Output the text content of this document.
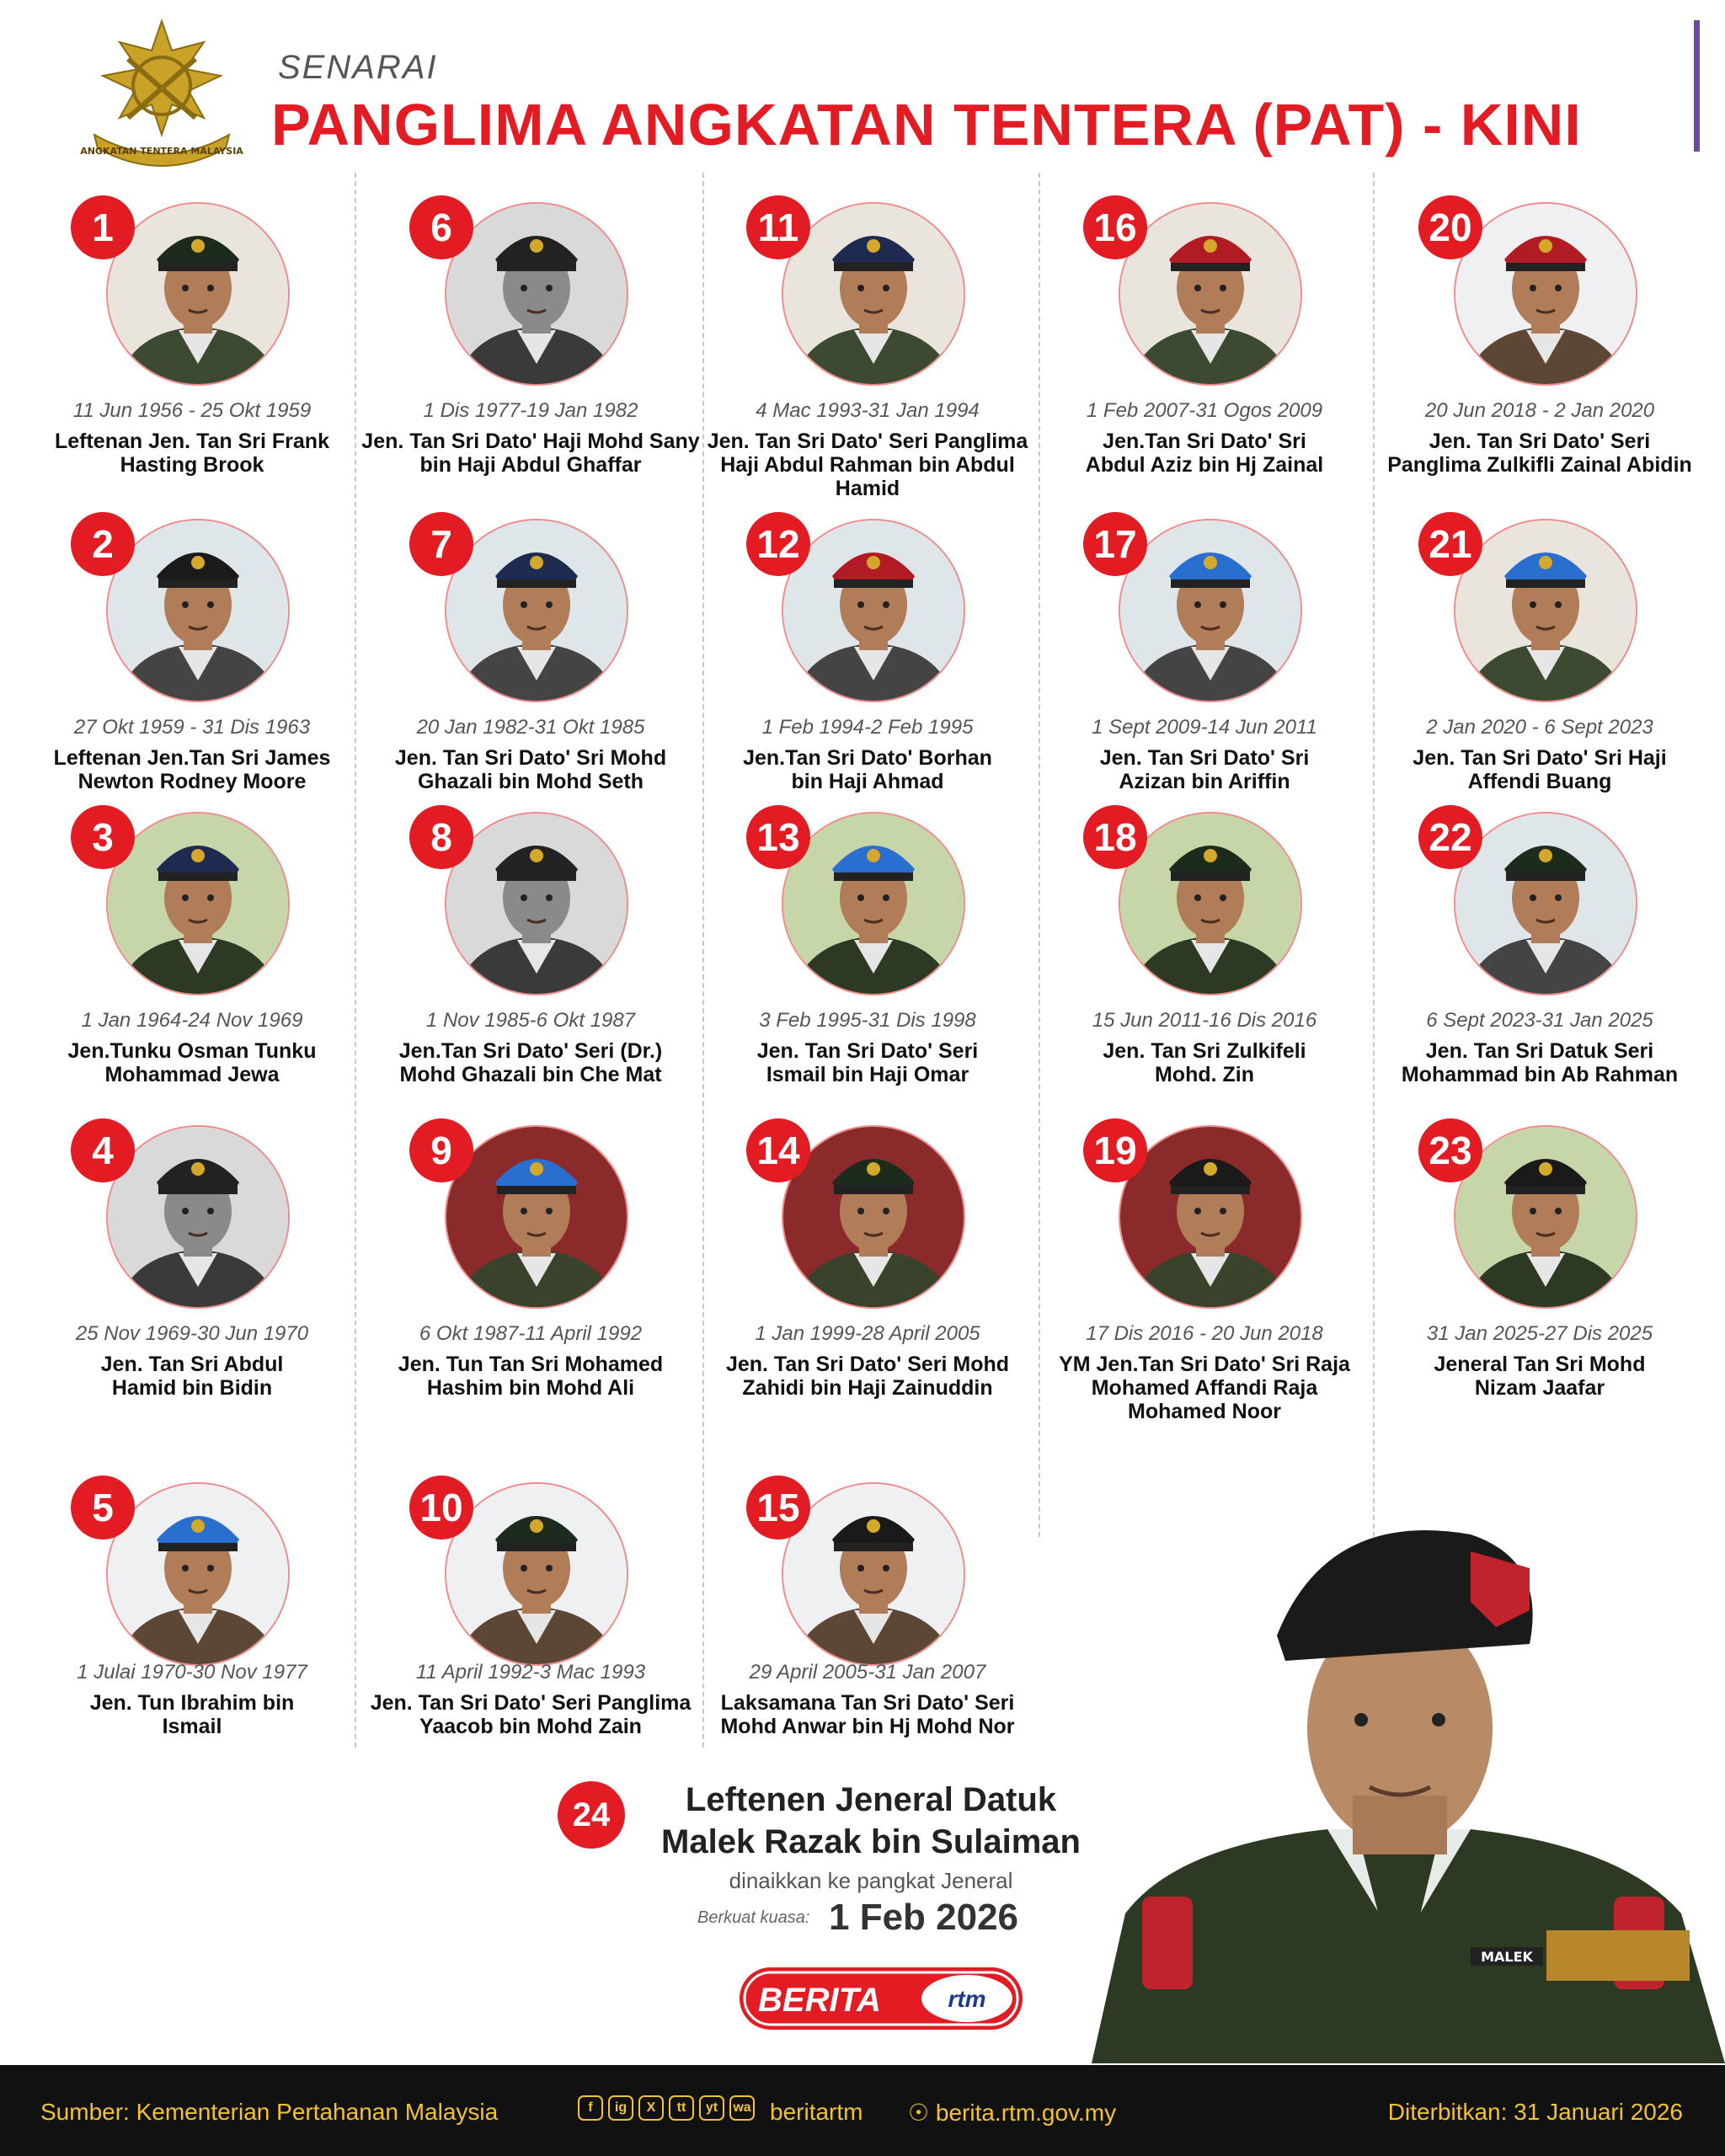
ANGKATAN TENTERA MALAYSIA
SENARAI
PANGLIMA ANGKATAN TENTERA (PAT) - KINI
1
11 Jun 1956 - 25 Okt 1959
Leftenan Jen. Tan Sri Frank
Hasting Brook
2
27 Okt 1959 - 31 Dis 1963
Leftenan Jen.Tan Sri James
Newton Rodney Moore
3
1 Jan 1964-24 Nov 1969
Jen.Tunku Osman Tunku
Mohammad Jewa
4
25 Nov 1969-30 Jun 1970
Jen. Tan Sri Abdul
Hamid bin Bidin
5
1 Julai 1970-30 Nov 1977
Jen. Tun Ibrahim bin
Ismail
6
1 Dis 1977-19 Jan 1982
Jen. Tan Sri Dato' Haji Mohd Sany
bin Haji Abdul Ghaffar
7
20 Jan 1982-31 Okt 1985
Jen. Tan Sri Dato' Sri Mohd
Ghazali bin Mohd Seth
8
1 Nov 1985-6 Okt 1987
Jen.Tan Sri Dato' Seri (Dr.)
Mohd Ghazali bin Che Mat
9
6 Okt 1987-11 April 1992
Jen. Tun Tan Sri Mohamed
Hashim bin Mohd Ali
10
11 April 1992-3 Mac 1993
Jen. Tan Sri Dato' Seri Panglima
Yaacob bin Mohd Zain
11
4 Mac 1993-31 Jan 1994
Jen. Tan Sri Dato' Seri Panglima
Haji Abdul Rahman bin Abdul
Hamid
12
1 Feb 1994-2 Feb 1995
Jen.Tan Sri Dato' Borhan
bin Haji Ahmad
13
3 Feb 1995-31 Dis 1998
Jen. Tan Sri Dato' Seri
Ismail bin Haji Omar
14
1 Jan 1999-28 April 2005
Jen. Tan Sri Dato' Seri Mohd
Zahidi bin Haji Zainuddin
15
29 April 2005-31 Jan 2007
Laksamana Tan Sri Dato' Seri
Mohd Anwar bin Hj Mohd Nor
16
1 Feb 2007-31 Ogos 2009
Jen.Tan Sri Dato' Sri
Abdul Aziz bin Hj Zainal
17
1 Sept 2009-14 Jun 2011
Jen. Tan Sri Dato' Sri
Azizan bin Ariffin
18
15 Jun 2011-16 Dis 2016
Jen. Tan Sri Zulkifeli
Mohd. Zin
19
17 Dis 2016 - 20 Jun 2018
YM Jen.Tan Sri Dato' Sri Raja
Mohamed Affandi Raja
Mohamed Noor
20
20 Jun 2018 - 2 Jan 2020
Jen. Tan Sri Dato' Seri
Panglima Zulkifli Zainal Abidin
21
2 Jan 2020 - 6 Sept 2023
Jen. Tan Sri Dato' Sri Haji
Affendi Buang
22
6 Sept 2023-31 Jan 2025
Jen. Tan Sri Datuk Seri
Mohammad bin Ab Rahman
23
31 Jan 2025-27 Dis 2025
Jeneral Tan Sri Mohd
Nizam Jaafar
24	Leftenen Jeneral Datuk
Malek Razak bin Sulaiman
dinaikkan ke pangkat Jeneral
Berkuat kuasa: 1 Feb 2026
BERITA	rtm
MALEK
Sumber: Kementerian Pertahanan Malaysia	f	ig	X	tt	yt	wa beritartm ☉ berita.rtm.gov.my	Diterbitkan: 31 Januari 2026
